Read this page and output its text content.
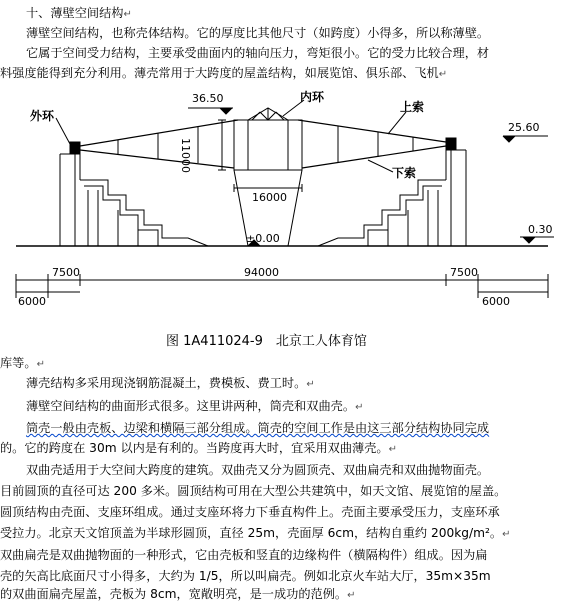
十、薄壁空间结构↵
薄壁空间结构，也称壳体结构。它的厚度比其他尺寸（如跨度）小得多，所以称薄壁。
它属于空间受力结构，主要承受曲面内的轴向压力，弯矩很小。它的受力比较合理，材
料强度能得到充分利用。薄壳常用于大跨度的屋盖结构，如展览馆、俱乐部、飞机↵
外环
内环
上索
下索
36.50
25.60
±0.00
0.30
11000
16000
94000
7500	7500
6000	6000
图 1A411024-9　北京工人体育馆
库等。↵
薄壳结构多采用现浇钢筋混凝土，费模板、费工时。↵
薄壁空间结构的曲面形式很多。这里讲两种，筒壳和双曲壳。↵
筒壳一般由壳板、边梁和横隔三部分组成。筒壳的空间工作是由这三部分结构协同完成
的。它的跨度在 30m 以内是有利的。当跨度再大时，宜采用双曲薄壳。↵
双曲壳适用于大空间大跨度的建筑。双曲壳又分为圆顶壳、双曲扁壳和双曲抛物面壳。
目前圆顶的直径可达 200 多米。圆顶结构可用在大型公共建筑中，如天文馆、展览馆的屋盖。
圆顶结构由壳面、支座环组成。通过支座环将力下垂直构件上。壳面主要承受压力，支座环承
受拉力。北京天文馆顶盖为半球形圆顶，直径 25m，壳面厚 6cm，结构自重约 200kg/m²。↵
双曲扁壳是双曲抛物面的一种形式，它由壳板和竖直的边缘构件（横隔构件）组成。因为扁
壳的矢高比底面尺寸小得多，大约为 1/5，所以叫扁壳。例如北京火车站大厅，35m×35m
的双曲面扁壳屋盖，壳板为 8cm，宽敞明亮，是一成功的范例。↵
